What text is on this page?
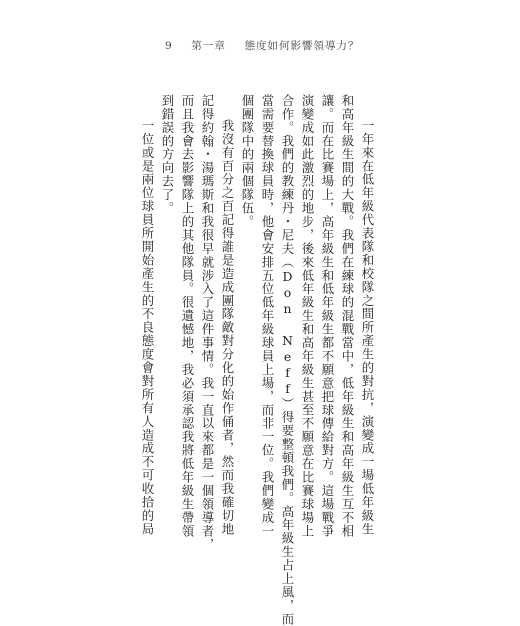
9 第一章 態度如何影響領導力？
一年來在低年級代表隊和校隊之間所產生的對抗，演變成一場低年級生
和高年級生間的大戰。我們在練球的混戰當中，低年級生和高年級生互不相
讓。而在比賽場上，高年級生和低年級生都不願意把球傳給對方。這場戰爭
演變成如此激烈的地步，後來低年級生和高年級生甚至不願意在比賽球場上
合作。我們的教練丹・尼夫（Don Neff）得要整頓我們。高年級生占上風，而
當需要替換球員時，他會安排五位低年級球員上場，而非一位。我們變成一
個團隊中的兩個隊伍。
我沒有百分之百記得誰是造成團隊敵對分化的始作俑者，然而我確切地
記得約翰・湯瑪斯和我很早就涉入了這件事情。我一直以來都是一個領導者，
而且我會去影響隊上的其他隊員。很遺憾地，我必須承認我將低年級生帶領
到錯誤的方向去了。
一位或是兩位球員所開始產生的不良態度會對所有人造成不可收拾的局
